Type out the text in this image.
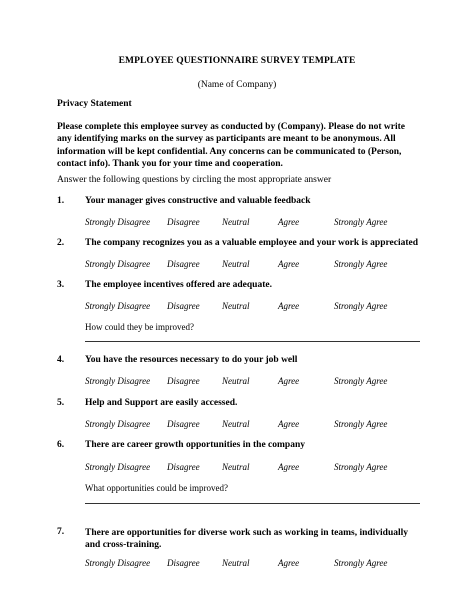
EMPLOYEE QUESTIONNAIRE SURVEY TEMPLATE
(Name of Company)
Privacy Statement
Please complete this employee survey as conducted by (Company). Please do not write any identifying marks on the survey as participants are meant to be anonymous. All information will be kept confidential. Any concerns can be communicated to (Person, contact info). Thank you for your time and cooperation.
Answer the following questions by circling the most appropriate answer
1. Your manager gives constructive and valuable feedback
Strongly Disagree Disagree Neutral	Agree	Strongly Agree
2. The company recognizes you as a valuable employee and your work is appreciated
Strongly Disagree Disagree Neutral	Agree	Strongly Agree
3. The employee incentives offered are adequate.
Strongly Disagree Disagree Neutral	Agree	Strongly Agree
How could they be improved?
4. You have the resources necessary to do your job well
Strongly Disagree Disagree Neutral	Agree	Strongly Agree
5. Help and Support are easily accessed.
Strongly Disagree Disagree Neutral	Agree	Strongly Agree
6. There are career growth opportunities in the company
Strongly Disagree Disagree Neutral	Agree	Strongly Agree
What opportunities could be improved?
7. There are opportunities for diverse work such as working in teams, individually and cross-training.
Strongly Disagree Disagree Neutral	Agree	Strongly Agree
